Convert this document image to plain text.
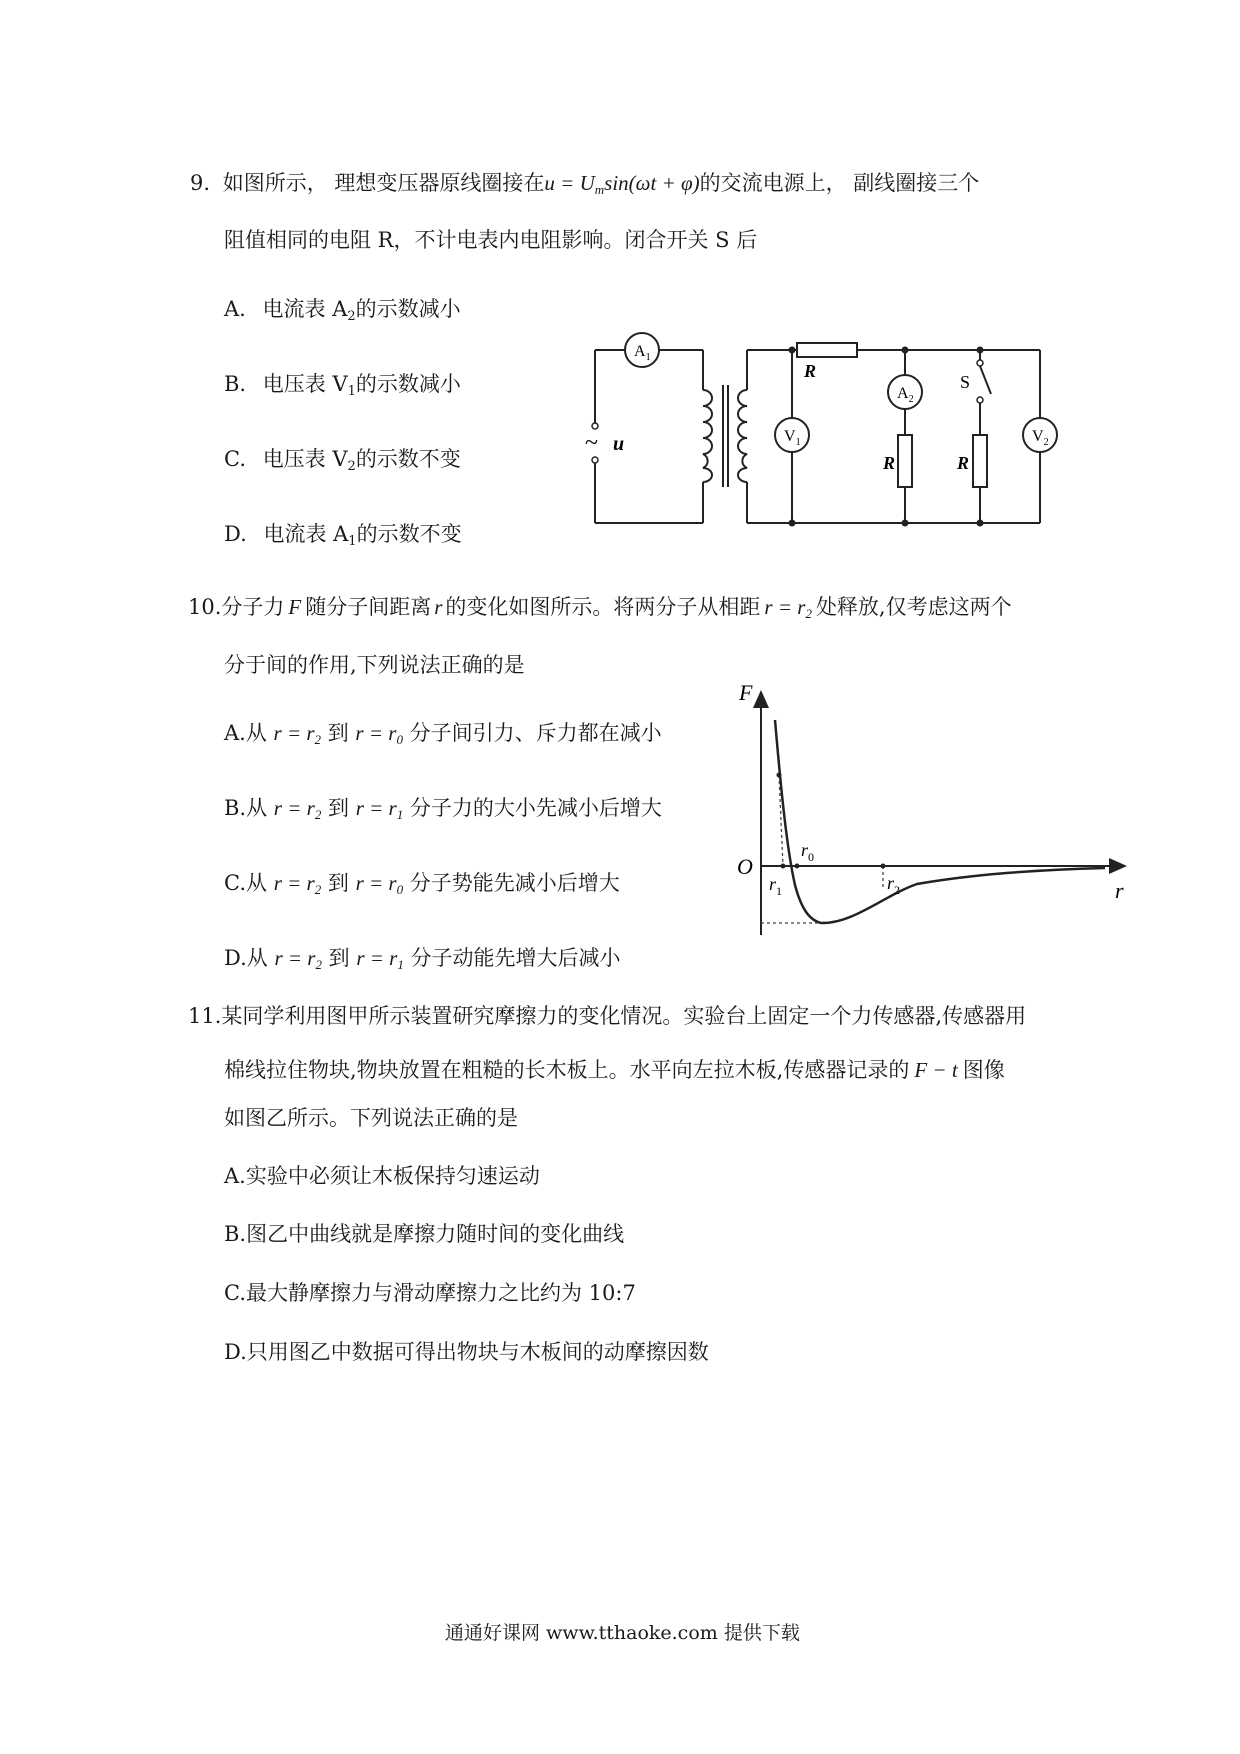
9. 如图所示， 理想变压器原线圈接在$u = U_m\sin(\omega t + \varphi)$的交流电源上， 副线圈接三个
阻值相同的电阻 R，不计电表内电阻影响。闭合开关 S 后
A. 电流表 $A_2$的示数减小
B. 电压表 $V_1$的示数减小
C. 电压表 $V_2$的示数不变
D. 电流表 $A_1$的示数不变
~ u
$A_1$
$V_1$
$A_2$
$V_2$
R
R	R
S
10.分子力 F 随分子间距离 r 的变化如图所示。将两分子从相距 $r = r_2$ 处释放,仅考虑这两个
分于间的作用,下列说法正确的是
A.从 $r = r_2$ 到 $r = r_0$ 分子间引力、斥力都在减小
B.从 $r = r_2$ 到 $r = r_1$ 分子力的大小先减小后增大
C.从 $r = r_2$ 到 $r = r_0$ 分子势能先减小后增大
D.从 $r = r_2$ 到 $r = r_1$ 分子动能先增大后减小
F
r
O
$r_0$
$r_1$	$r_2$
11.某同学利用图甲所示装置研究摩擦力的变化情况。实验台上固定一个力传感器,传感器用
棉线拉住物块,物块放置在粗糙的长木板上。水平向左拉木板,传感器记录的 F − t 图像
如图乙所示。下列说法正确的是
A.实验中必须让木板保持匀速运动
B.图乙中曲线就是摩擦力随时间的变化曲线
C.最大静摩擦力与滑动摩擦力之比约为 10:7
D.只用图乙中数据可得出物块与木板间的动摩擦因数
通通好课网 www.tthaoke.com 提供下载
